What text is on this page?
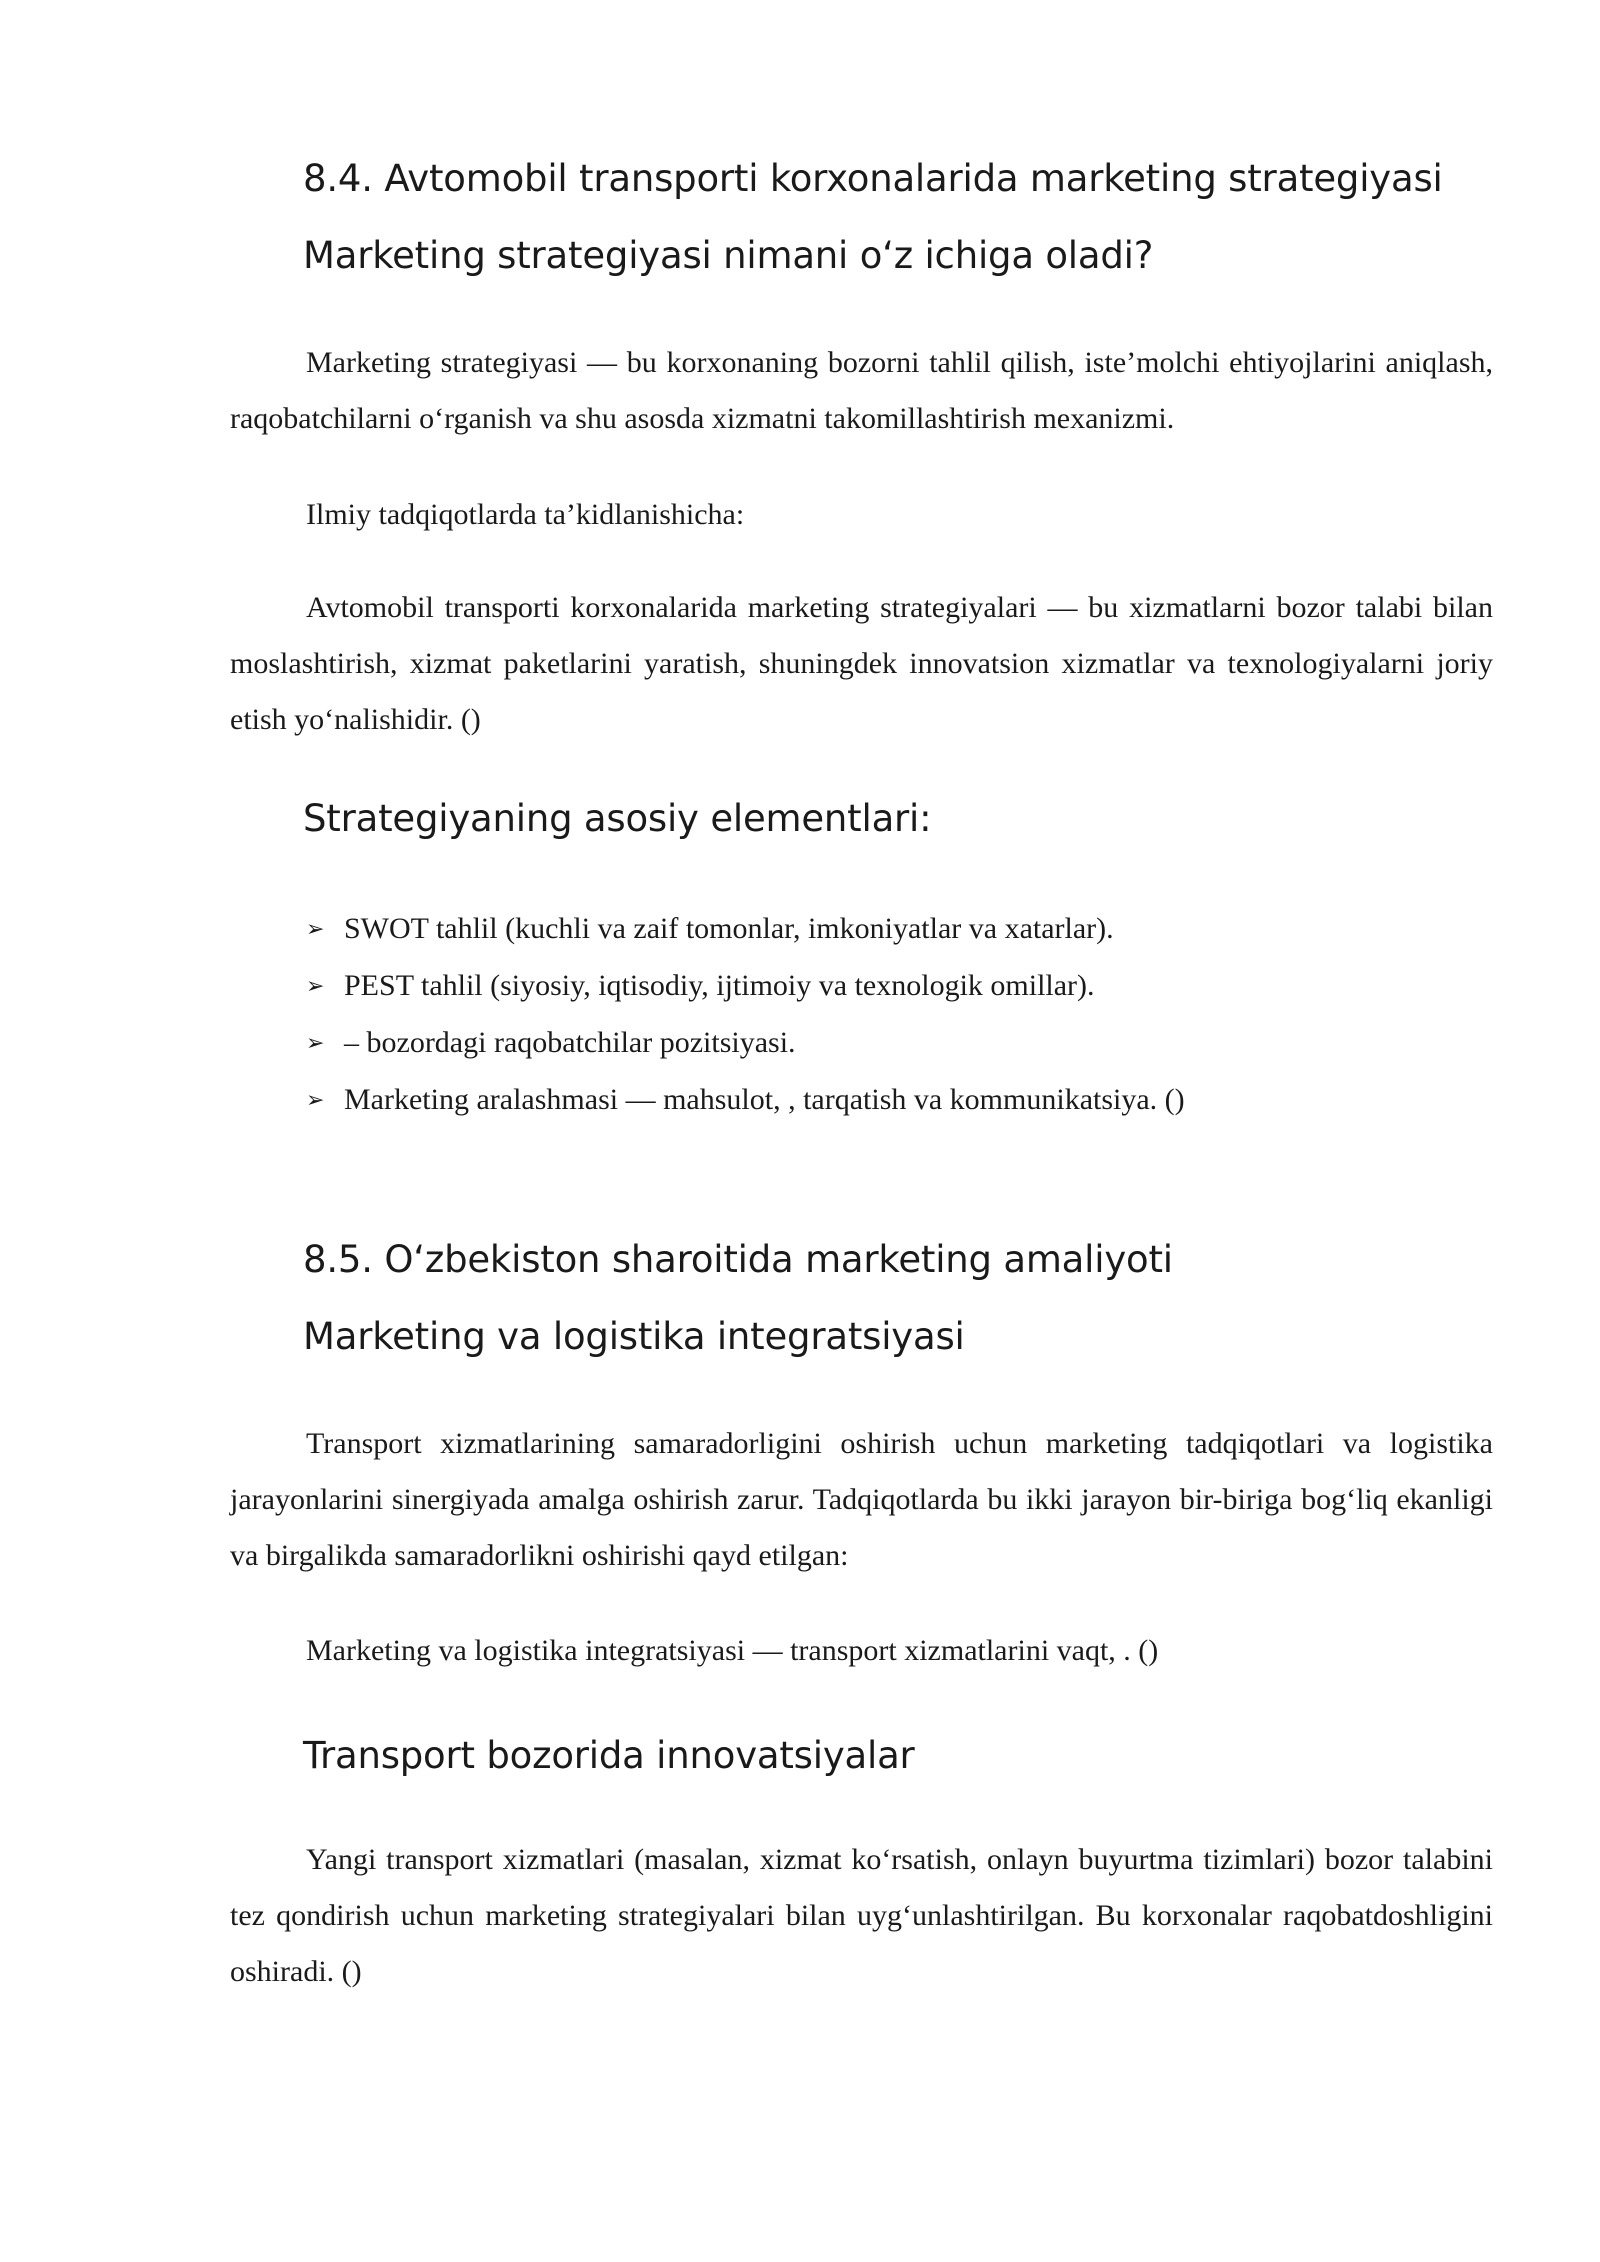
8.4. Avtomobil transporti korxonalarida marketing strategiyasi
Marketing strategiyasi nimani oʻz ichiga oladi?
Marketing strategiyasi — bu korxonaning bozorni tahlil qilish, iste’molchi ehtiyojlarini aniqlash, raqobatchilarni oʻrganish va shu asosda xizmatni takomillashtirish mexanizmi.
Ilmiy tadqiqotlarda ta’kidlanishicha:
Avtomobil transporti korxonalarida marketing strategiyalari — bu xizmatlarni bozor talabi bilan moslashtirish, xizmat paketlarini yaratish, shuningdek innovatsion xizmatlar va texnologiyalarni joriy etish yoʻnalishidir. ()
Strategiyaning asosiy elementlari:
➢ SWOT tahlil (kuchli va zaif tomonlar, imkoniyatlar va xatarlar).
➢ PEST tahlil (siyosiy, iqtisodiy, ijtimoiy va texnologik omillar).
➢ – bozordagi raqobatchilar pozitsiyasi.
➢ Marketing aralashmasi — mahsulot, , tarqatish va kommunikatsiya. ()
8.5. Oʻzbekiston sharoitida marketing amaliyoti
Marketing va logistika integratsiyasi
Transport xizmatlarining samaradorligini oshirish uchun marketing tadqiqotlari va logistika jarayonlarini sinergiyada amalga oshirish zarur. Tadqiqotlarda bu ikki jarayon bir-biriga bogʻliq ekanligi va birgalikda samaradorlikni oshirishi qayd etilgan:
Marketing va logistika integratsiyasi — transport xizmatlarini vaqt, . ()
Transport bozorida innovatsiyalar
Yangi transport xizmatlari (masalan, xizmat koʻrsatish, onlayn buyurtma tizimlari) bozor talabini tez qondirish uchun marketing strategiyalari bilan uygʻunlashtirilgan. Bu korxonalar raqobatdoshligini oshiradi. ()
